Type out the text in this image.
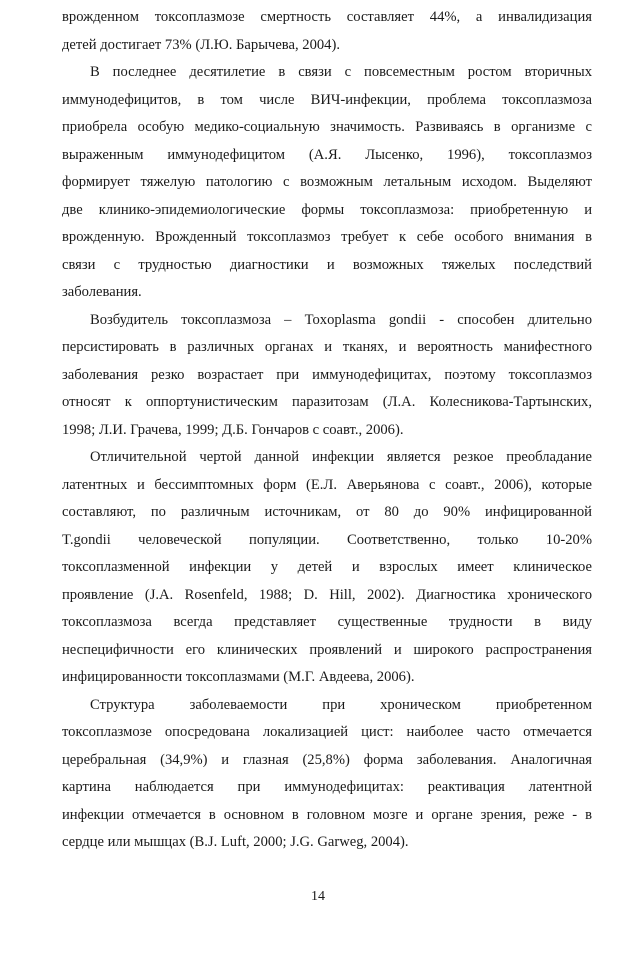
врожденном токсоплазмозе смертность составляет 44%, а инвалидизация
детей достигает 73% (Л.Ю. Барычева, 2004).
В последнее десятилетие в связи с повсеместным ростом вторичных
иммунодефицитов, в том числе ВИЧ-инфекции, проблема токсоплазмоза
приобрела особую медико-социальную значимость. Развиваясь в организме с
выраженным иммунодефицитом (А.Я. Лысенко, 1996), токсоплазмоз
формирует тяжелую патологию с возможным летальным исходом. Выделяют
две клинико-эпидемиологические формы токсоплазмоза: приобретенную и
врожденную. Врожденный токсоплазмоз требует к себе особого внимания в
связи с трудностью диагностики и возможных тяжелых последствий
заболевания.
Возбудитель токсоплазмоза – Toxoplasma gondii - способен длительно
персистировать в различных органах и тканях, и вероятность манифестного
заболевания резко возрастает при иммунодефицитах, поэтому токсоплазмоз
относят к оппортунистическим паразитозам (Л.А. Колесникова-Тартынских,
1998; Л.И. Грачева, 1999; Д.Б. Гончаров с соавт., 2006).
Отличительной чертой данной инфекции является резкое преобладание
латентных и бессимптомных форм (Е.Л. Аверьянова с соавт., 2006), которые
составляют, по различным источникам, от 80 до 90% инфицированной
T.gondii человеческой популяции. Соответственно, только 10-20%
токсоплазменной инфекции у детей и взрослых имеет клиническое
проявление (J.A. Rosenfeld, 1988; D. Hill, 2002). Диагностика хронического
токсоплазмоза всегда представляет существенные трудности в виду
неспецифичности его клинических проявлений и широкого распространения
инфицированности токсоплазмами (М.Г. Авдеева, 2006).
Структура заболеваемости при хроническом приобретенном
токсоплазмозе опосредована локализацией цист: наиболее часто отмечается
церебральная (34,9%) и глазная (25,8%) форма заболевания. Аналогичная
картина наблюдается при иммунодефицитах: реактивация латентной
инфекции отмечается в основном в головном мозге и органе зрения, реже - в
сердце или мышцах (B.J. Luft, 2000; J.G. Garweg, 2004).
14
